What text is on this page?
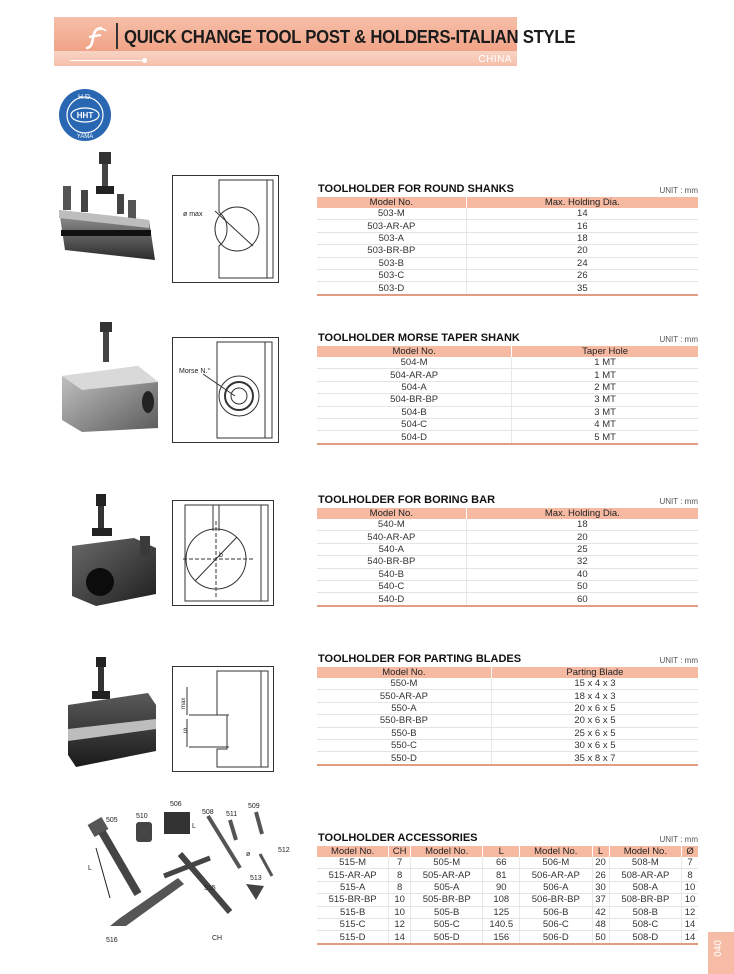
QUICK CHANGE TOOL POST & HOLDERS-ITALIAN STYLE
CHINA
H.D.
HHT
YAMA
ø max
TOOLHOLDER FOR ROUND SHANKS	UNIT : mm
Model No.	Max. Holding Dia.
503-M	14
503-AR-AP	16
503-A	18
503-BR-BP	20
503-B	24
503-C	26
503-D	35
Morse N.°
TOOLHOLDER MORSE TAPER SHANK	UNIT : mm
Model No.	Taper Hole
504-M	1 MT
504-AR-AP	1 MT
504-A	2 MT
504-BR-BP	3 MT
504-B	3 MT
504-C	4 MT
504-D	5 MT
b
TOOLHOLDER FOR BORING BAR	UNIT : mm
Model No.	Max. Holding Dia.
540-M	18
540-AR-AP	20
540-A	25
540-BR-BP	32
540-B	40
540-C	50
540-D	60
max
S
TOOLHOLDER FOR PARTING BLADES	UNIT : mm
Model No.	Parting Blade
550-M	15 x 4 x 3
550-AR-AP	18 x 4 x 3
550-A	20 x 6 x 5
550-BR-BP	20 x 6 x 5
550-B	25 x 6 x 5
550-C	30 x 6 x 5
550-D	35 x 8 x 7
505
L
510
506
L
508
ø
511
509
512
513
515
CH
516
TOOLHOLDER ACCESSORIES	UNIT : mm
Model No.	CH	Model No.	L	Model No.	L	Model No.	Ø
515-M	7	505-M	66	506-M	20	508-M	7
515-AR-AP	8	505-AR-AP	81	506-AR-AP	26	508-AR-AP	8
515-A	8	505-A	90	506-A	30	508-A	10
515-BR-BP	10	505-BR-BP	108	506-BR-BP	37	508-BR-BP	10
515-B	10	505-B	125	506-B	42	508-B	12
515-C	12	505-C	140.5	506-C	48	508-C	14
515-D	14	505-D	156	506-D	50	508-D	14
040
